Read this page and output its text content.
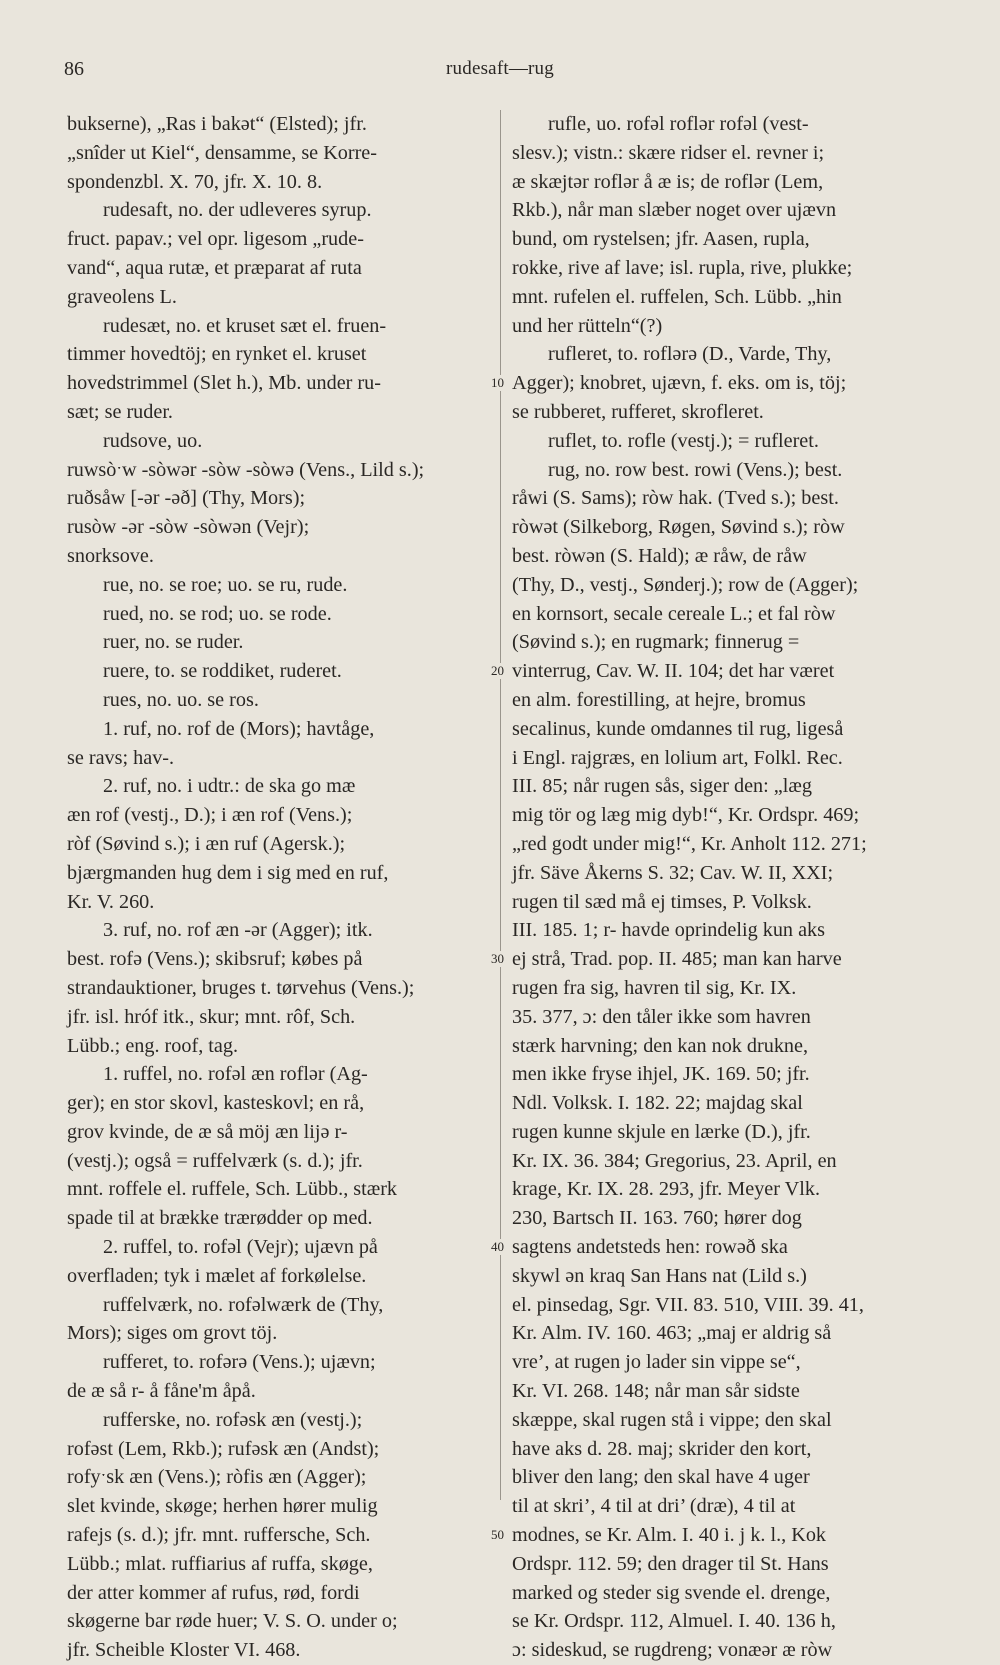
86	rudesaft—rug
bukserne), „Ras i bakət“ (Elsted); jfr.
„snîder ut Kiel“, densamme, se Korre-
spondenzbl. X. 70, jfr. X. 10. 8.
rudesaft, no. der udleveres syrup.
fruct. papav.; vel opr. ligesom „rude-
vand“, aqua rutæ, et præparat af ruta
graveolens L.
rudesæt, no. et kruset sæt el. fruen-
timmer hovedtöj; en rynket el. kruset
hovedstrimmel (Slet h.), Mb. under ru-
sæt; se ruder.
rudsove, uo.
ruwsòˑw -sòwər -sòw -sòwə (Vens., Lild s.);
ruðsåw [-ər -əð] (Thy, Mors);
rusòw -ər -sòw -sòwən (Vejr);
snorksove.
rue, no. se roe; uo. se ru, rude.
rued, no. se rod; uo. se rode.
ruer, no. se ruder.
ruere, to. se roddiket, ruderet.
rues, no. uo. se ros.
1. ruf, no. rof de (Mors); havtåge,
se ravs; hav-.
2. ruf, no. i udtr.: de ska go mæ
æn rof (vestj., D.); i æn rof (Vens.);
ròf (Søvind s.); i æn ruf (Agersk.);
bjærgmanden hug dem i sig med en ruf,
Kr. V. 260.
3. ruf, no. rof æn -ər (Agger); itk.
best. rofə (Vens.); skibsruf; købes på
strandauktioner, bruges t. tørvehus (Vens.);
jfr. isl. hróf itk., skur; mnt. rôf, Sch.
Lübb.; eng. roof, tag.
1. ruffel, no. rofəl æn roflər (Ag-
ger); en stor skovl, kasteskovl; en rå,
grov kvinde, de æ så möj æn lijə r-
(vestj.); også = ruffelværk (s. d.); jfr.
mnt. roffele el. ruffele, Sch. Lübb., stærk
spade til at brække trærødder op med.
2. ruffel, to. rofəl (Vejr); ujævn på
overfladen; tyk i mælet af forkølelse.
ruffelværk, no. rofəlwærk de (Thy,
Mors); siges om grovt töj.
rufferet, to. rofərə (Vens.); ujævn;
de æ så r- å fåne'm åpå.
rufferske, no. rofəsk æn (vestj.);
rofəst (Lem, Rkb.); rufəsk æn (Andst);
rofyˑsk æn (Vens.); ròfis æn (Agger);
slet kvinde, skøge; herhen hører mulig
rafejs (s. d.); jfr. mnt. ruffersche, Sch.
Lübb.; mlat. ruffiarius af ruffa, skøge,
der atter kommer af rufus, rød, fordi
skøgerne bar røde huer; V. S. O. under o;
jfr. Scheible Kloster VI. 468.
10
20
30
40
50
rufle, uo. rofəl roflər rofəl (vest-
slesv.); vistn.: skære ridser el. revner i;
æ skæjtər roflər å æ is; de roflər (Lem,
Rkb.), når man slæber noget over ujævn
bund, om rystelsen; jfr. Aasen, rupla,
rokke, rive af lave; isl. rupla, rive, plukke;
mnt. rufelen el. ruffelen, Sch. Lübb. „hin
und her rütteln“(?)
rufleret, to. roflərə (D., Varde, Thy,
Agger); knobret, ujævn, f. eks. om is, töj;
se rubberet, rufferet, skrofleret.
ruflet, to. rofle (vestj.); = rufleret.
rug, no. row best. rowi (Vens.); best.
råwi (S. Sams); ròw hak. (Tved s.); best.
ròwət (Silkeborg, Røgen, Søvind s.); ròw
best. ròwən (S. Hald); æ råw, de råw
(Thy, D., vestj., Sønderj.); row de (Agger);
en kornsort, secale cereale L.; et fal ròw
(Søvind s.); en rugmark; finnerug =
vinterrug, Cav. W. II. 104; det har været
en alm. forestilling, at hejre, bromus
secalinus, kunde omdannes til rug, ligeså
i Engl. rajgræs, en lolium art, Folkl. Rec.
III. 85; når rugen sås, siger den: „læg
mig tör og læg mig dyb!“, Kr. Ordspr. 469;
„red godt under mig!“, Kr. Anholt 112. 271;
jfr. Säve Åkerns S. 32; Cav. W. II, XXI;
rugen til sæd må ej timses, P. Volksk.
III. 185. 1; r- havde oprindelig kun aks
ej strå, Trad. pop. II. 485; man kan harve
rugen fra sig, havren til sig, Kr. IX.
35. 377, ɔ: den tåler ikke som havren
stærk harvning; den kan nok drukne,
men ikke fryse ihjel, JK. 169. 50; jfr.
Ndl. Volksk. I. 182. 22; majdag skal
rugen kunne skjule en lærke (D.), jfr.
Kr. IX. 36. 384; Gregorius, 23. April, en
krage, Kr. IX. 28. 293, jfr. Meyer Vlk.
230, Bartsch II. 163. 760; hører dog
sagtens andetsteds hen: rowəð ska
skywl ən kraq San Hans nat (Lild s.)
el. pinsedag, Sgr. VII. 83. 510, VIII. 39. 41,
Kr. Alm. IV. 160. 463; „maj er aldrig så
vre’, at rugen jo lader sin vippe se“,
Kr. VI. 268. 148; når man sår sidste
skæppe, skal rugen stå i vippe; den skal
have aks d. 28. maj; skrider den kort,
bliver den lang; den skal have 4 uger
til at skri’, 4 til at dri’ (dræ), 4 til at
modnes, se Kr. Alm. I. 40 i. j k. l., Kok
Ordspr. 112. 59; den drager til St. Hans
marked og steder sig svende el. drenge,
se Kr. Ordspr. 112, Almuel. I. 40. 136 h,
ɔ: sideskud, se rugdreng; vonæər æ ròw
